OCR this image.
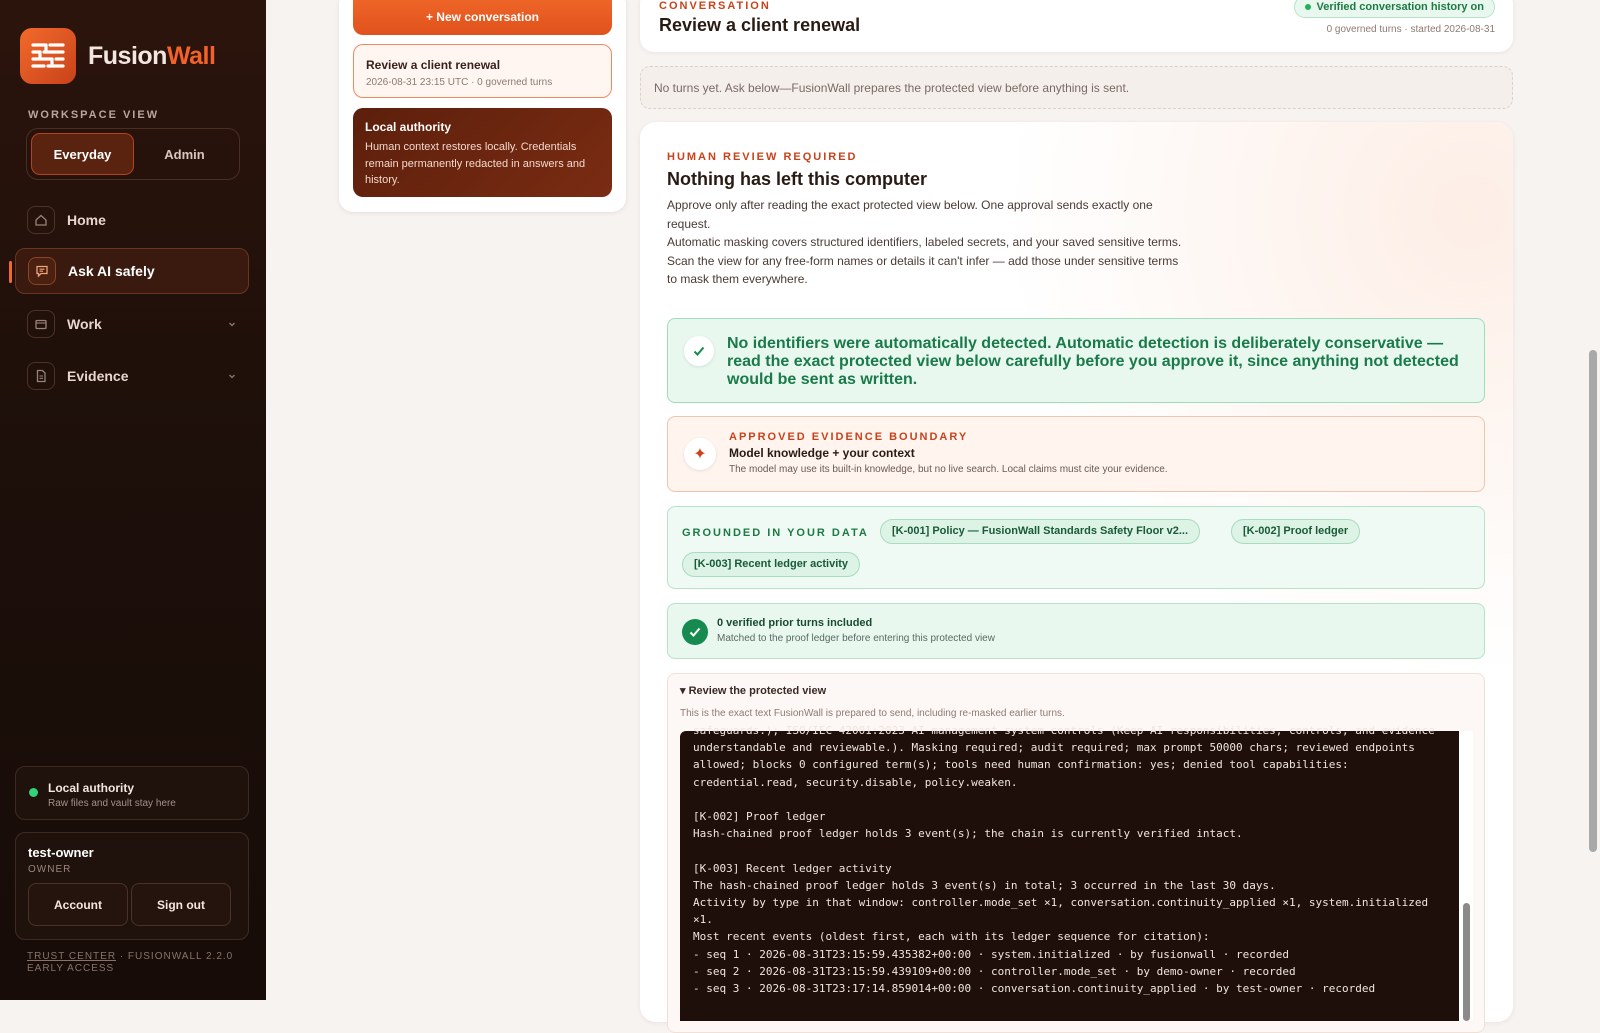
FusionWall
WORKSPACE VIEW
Everyday	Admin
Home
Ask AI safely
Work
Evidence
Local authority
Raw files and vault stay here
test-owner
OWNER
Account	Sign out
TRUST CENTER · FUSIONWALL 2.2.0 EARLY ACCESS
+ New conversation
Review a client renewal
2026-08-31 23:15 UTC · 0 governed turns
Local authority
Human context restores locally. Credentials remain permanently redacted in answers and history.
CONVERSATION
Review a client renewal
Verified conversation history on
0 governed turns · started 2026-08-31
No turns yet. Ask below—FusionWall prepares the protected view before anything is sent.
HUMAN REVIEW REQUIRED
Nothing has left this computer

Approve only after reading the exact protected view below. One approval sends exactly one request.

Automatic masking covers structured identifiers, labeled secrets, and your saved sensitive terms. Scan the view for any free-form names or details it can't infer — add those under sensitive terms to mask them everywhere.

No identifiers were automatically detected. Automatic detection is deliberately conservative — read the exact protected view below carefully before you approve it, since anything not detected would be sent as written.
✦
APPROVED EVIDENCE BOUNDARY
Model knowledge + your context
The model may use its built-in knowledge, but no live search. Local claims must cite your evidence.
GROUNDED IN YOUR DATA	[K-001] Policy — FusionWall Standards Safety Floor v2...	[K-002] Proof ledger
[K-003] Recent ledger activity
0 verified prior turns included
Matched to the proof ledger before entering this protected view
▾ Review the protected view
This is the exact text FusionWall is prepared to send, including re-masked earlier turns.
safeguards.); ISO/IEC 42001:2023 AI management system controls (Keep AI responsibilities, controls, and evidence understandable and reviewable.). Masking required; audit required; max prompt 50000 chars; reviewed endpoints allowed; blocks 0 configured term(s); tools need human confirmation: yes; denied tool capabilities: credential.read, security.disable, policy.weaken.

[K-002] Proof ledger
Hash-chained proof ledger holds 3 event(s); the chain is currently verified intact.

[K-003] Recent ledger activity
The hash-chained proof ledger holds 3 event(s) in total; 3 occurred in the last 30 days.
Activity by type in that window: controller.mode_set ×1, conversation.continuity_applied ×1, system.initialized ×1.
Most recent events (oldest first, each with its ledger sequence for citation):
- seq 1 · 2026-08-31T23:15:59.435382+00:00 · system.initialized · by fusionwall · recorded
- seq 2 · 2026-08-31T23:15:59.439109+00:00 · controller.mode_set · by demo-owner · recorded
- seq 3 · 2026-08-31T23:17:14.859014+00:00 · conversation.continuity_applied · by test-owner · recorded
